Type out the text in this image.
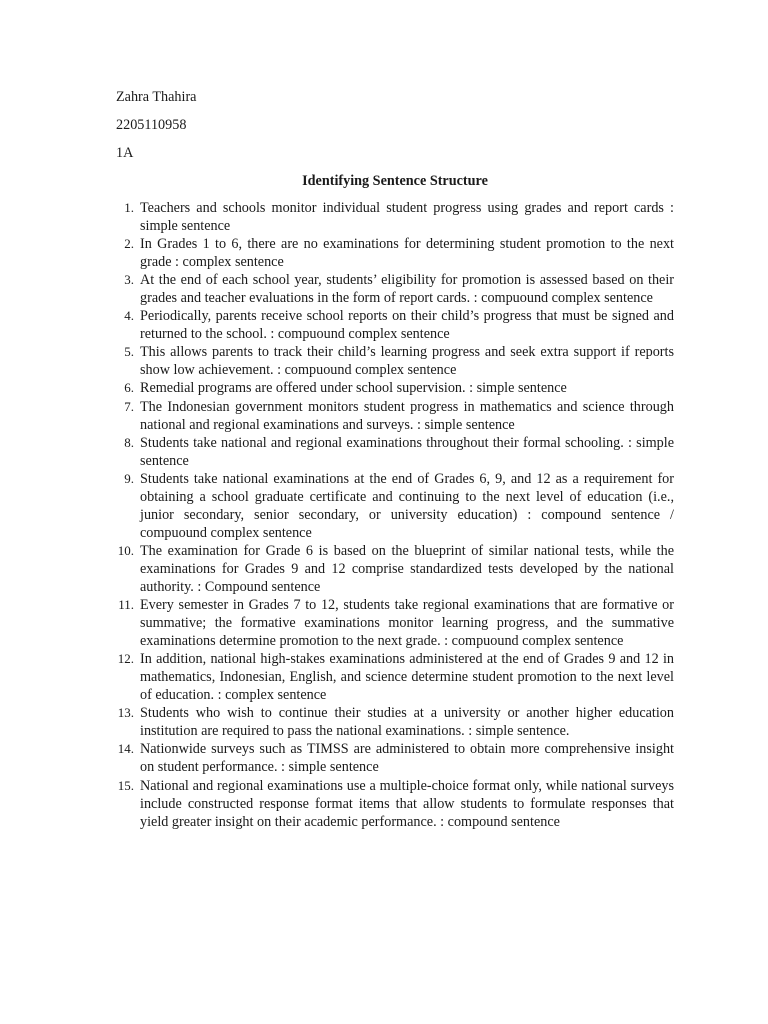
Zahra Thahira
2205110958
1A
Identifying Sentence Structure
1. Teachers and schools monitor individual student progress using grades and report cards : simple sentence
2. In Grades 1 to 6, there are no examinations for determining student promotion to the next grade : complex sentence
3. At the end of each school year, students’ eligibility for promotion is assessed based on their grades and teacher evaluations in the form of report cards. : compuound complex sentence
4. Periodically, parents receive school reports on their child’s progress that must be signed and returned to the school. : compuound complex sentence
5. This allows parents to track their child’s learning progress and seek extra support if reports show low achievement. : compuound complex sentence
6. Remedial programs are offered under school supervision. : simple sentence
7. The Indonesian government monitors student progress in mathematics and science through national and regional examinations and surveys. : simple sentence
8. Students take national and regional examinations throughout their formal schooling. : simple sentence
9. Students take national examinations at the end of Grades 6, 9, and 12 as a requirement for obtaining a school graduate certificate and continuing to the next level of education (i.e., junior secondary, senior secondary, or university education) : compound sentence / compuound complex sentence
10. The examination for Grade 6 is based on the blueprint of similar national tests, while the examinations for Grades 9 and 12 comprise standardized tests developed by the national authority. : Compound sentence
11. Every semester in Grades 7 to 12, students take regional examinations that are formative or summative; the formative examinations monitor learning progress, and the summative examinations determine promotion to the next grade. : compuound complex sentence
12. In addition, national high-stakes examinations administered at the end of Grades 9 and 12 in mathematics, Indonesian, English, and science determine student promotion to the next level of education. : complex sentence
13. Students who wish to continue their studies at a university or another higher education institution are required to pass the national examinations. : simple sentence.
14. Nationwide surveys such as TIMSS are administered to obtain more comprehensive insight on student performance. : simple sentence
15. National and regional examinations use a multiple-choice format only, while national surveys include constructed response format items that allow students to formulate responses that yield greater insight on their academic performance. : compound sentence
